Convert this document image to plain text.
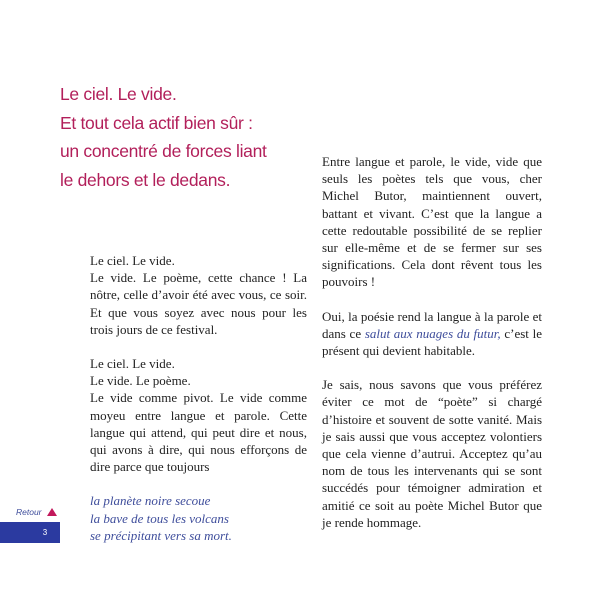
Le ciel. Le vide.
Et tout cela actif bien sûr :
un concentré de forces liant
le dehors et le dedans.

Le ciel. Le vide.
Le vide. Le poème, cette chance ! La nôtre, celle d’avoir été avec vous, ce soir. Et que vous soyez avec nous pour les trois jours de ce festival.

Le ciel. Le vide.
Le vide. Le poème.
Le vide comme pivot. Le vide comme moyeu entre langue et parole. Cette langue qui attend, qui peut dire et nous, qui avons à dire, qui nous efforçons de dire parce que toujours

la planète noire secoue
la bave de tous les volcans
se précipitant vers sa mort.

Entre langue et parole, le vide, vide que seuls les poètes tels que vous, cher Michel Butor, maintiennent ouvert, battant et vivant. C’est que la langue a cette redoutable possibilité de se replier sur elle-même et de se fermer sur ses significations. Cela dont rêvent tous les pouvoirs !

Oui, la poésie rend la langue à la parole et dans ce salut aux nuages du futur, c’est le présent qui devient habitable.

Je sais, nous savons que vous préférez éviter ce mot de “poète” si chargé d’histoire et souvent de sotte vanité. Mais je sais aussi que vous acceptez volontiers que cela vienne d’autrui. Acceptez qu’au nom de tous les intervenants qui se sont succédés pour témoigner admiration et amitié ce soit au poète Michel Butor que je rende hommage.

Retour
3
